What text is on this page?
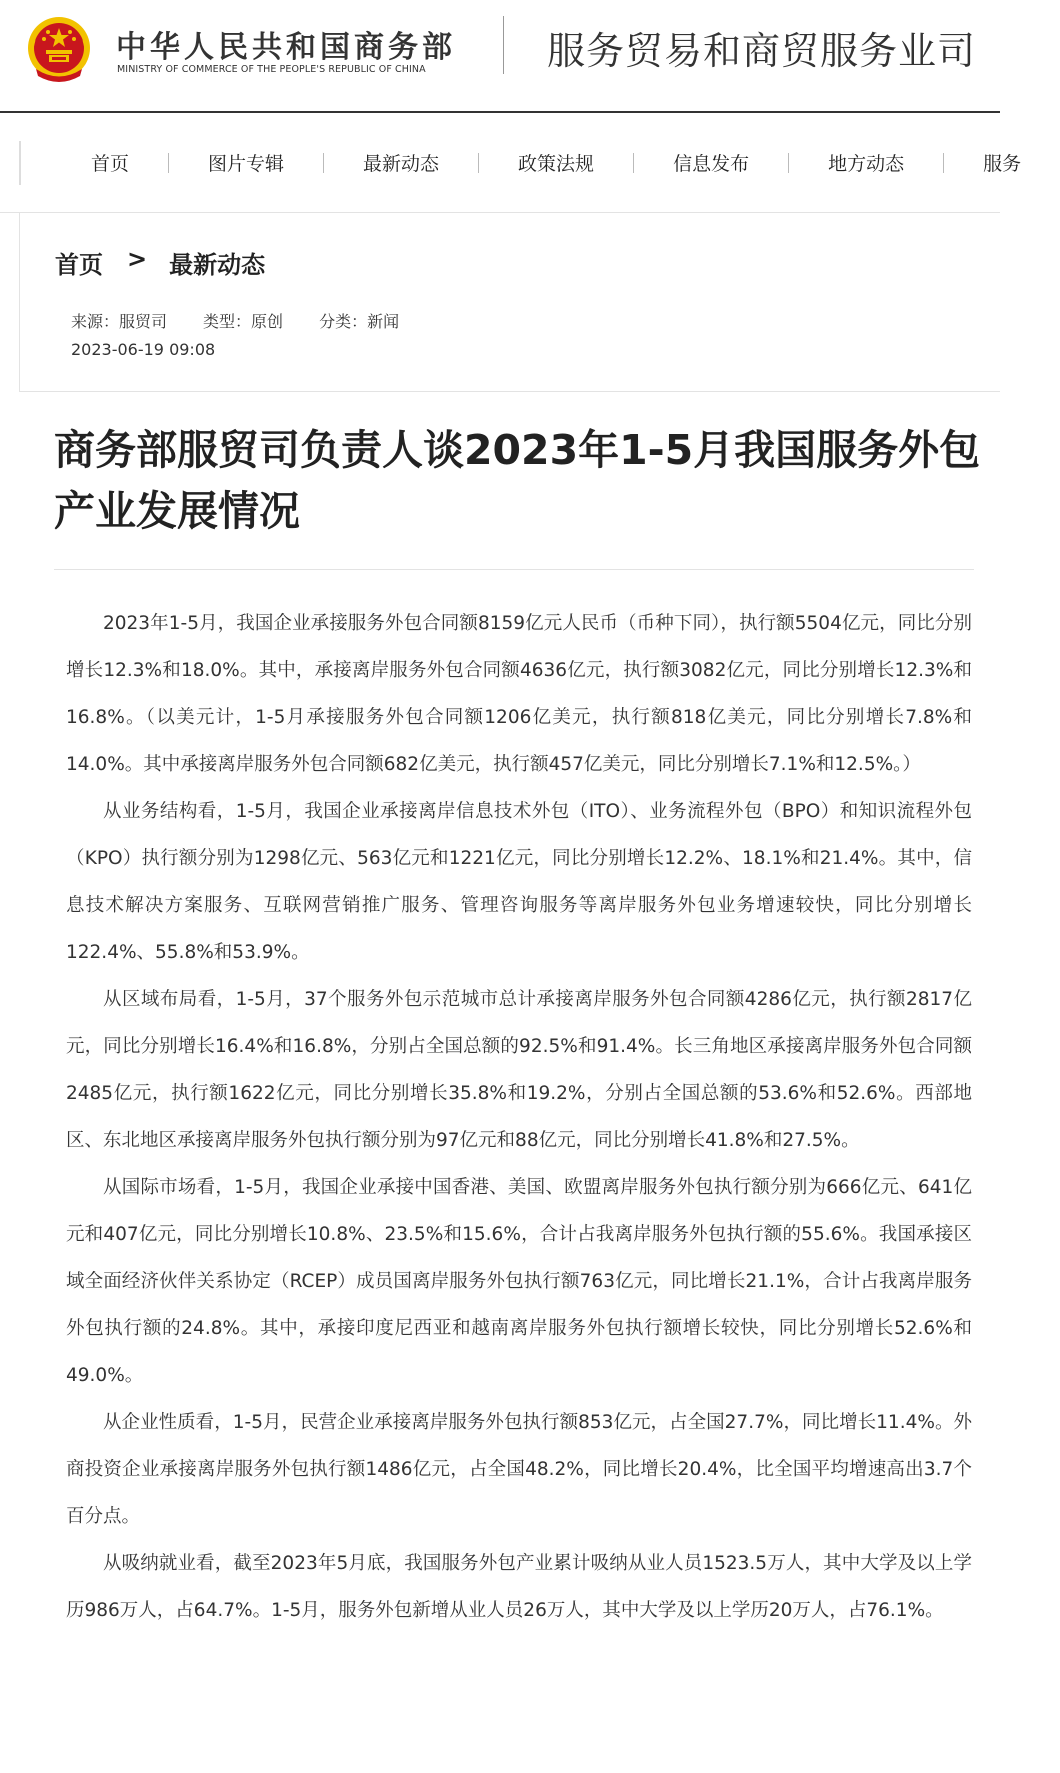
中华人民共和国商务部
MINISTRY OF COMMERCE OF THE PEOPLE'S REPUBLIC OF CHINA	服务贸易和商贸服务业司
首页	图片专辑	最新动态	政策法规	信息发布	地方动态	服务
首页 > 最新动态
来源：服贸司 类型：原创 分类：新闻
2023-06-19 09:08
商务部服贸司负责人谈2023年1-5月我国服务外包产业发展情况

2023年1-5月，我国企业承接服务外包合同额8159亿元人民币（币种下同），执行额5504亿元，同比分别增长12.3%和18.0%。其中，承接离岸服务外包合同额4636亿元，执行额3082亿元，同比分别增长12.3%和16.8%。（以美元计，1-5月承接服务外包合同额1206亿美元，执行额818亿美元，同比分别增长7.8%和14.0%。其中承接离岸服务外包合同额682亿美元，执行额457亿美元，同比分别增长7.1%和12.5%。）

从业务结构看，1-5月，我国企业承接离岸信息技术外包（ITO）、业务流程外包（BPO）和知识流程外包（KPO）执行额分别为1298亿元、563亿元和1221亿元，同比分别增长12.2%、18.1%和21.4%。其中，信息技术解决方案服务、互联网营销推广服务、管理咨询服务等离岸服务外包业务增速较快，同比分别增长122.4%、55.8%和53.9%。

从区域布局看，1-5月，37个服务外包示范城市总计承接离岸服务外包合同额4286亿元，执行额2817亿元，同比分别增长16.4%和16.8%，分别占全国总额的92.5%和91.4%。长三角地区承接离岸服务外包合同额2485亿元，执行额1622亿元，同比分别增长35.8%和19.2%，分别占全国总额的53.6%和52.6%。西部地区、东北地区承接离岸服务外包执行额分别为97亿元和88亿元，同比分别增长41.8%和27.5%。

从国际市场看，1-5月，我国企业承接中国香港、美国、欧盟离岸服务外包执行额分别为666亿元、641亿元和407亿元，同比分别增长10.8%、23.5%和15.6%，合计占我离岸服务外包执行额的55.6%。我国承接区域全面经济伙伴关系协定（RCEP）成员国离岸服务外包执行额763亿元，同比增长21.1%，合计占我离岸服务外包执行额的24.8%。其中，承接印度尼西亚和越南离岸服务外包执行额增长较快，同比分别增长52.6%和49.0%。

从企业性质看，1-5月，民营企业承接离岸服务外包执行额853亿元，占全国27.7%，同比增长11.4%。外商投资企业承接离岸服务外包执行额1486亿元，占全国48.2%，同比增长20.4%，比全国平均增速高出3.7个百分点。

从吸纳就业看，截至2023年5月底，我国服务外包产业累计吸纳从业人员1523.5万人，其中大学及以上学历986万人，占64.7%。1-5月，服务外包新增从业人员26万人，其中大学及以上学历20万人，占76.1%。
